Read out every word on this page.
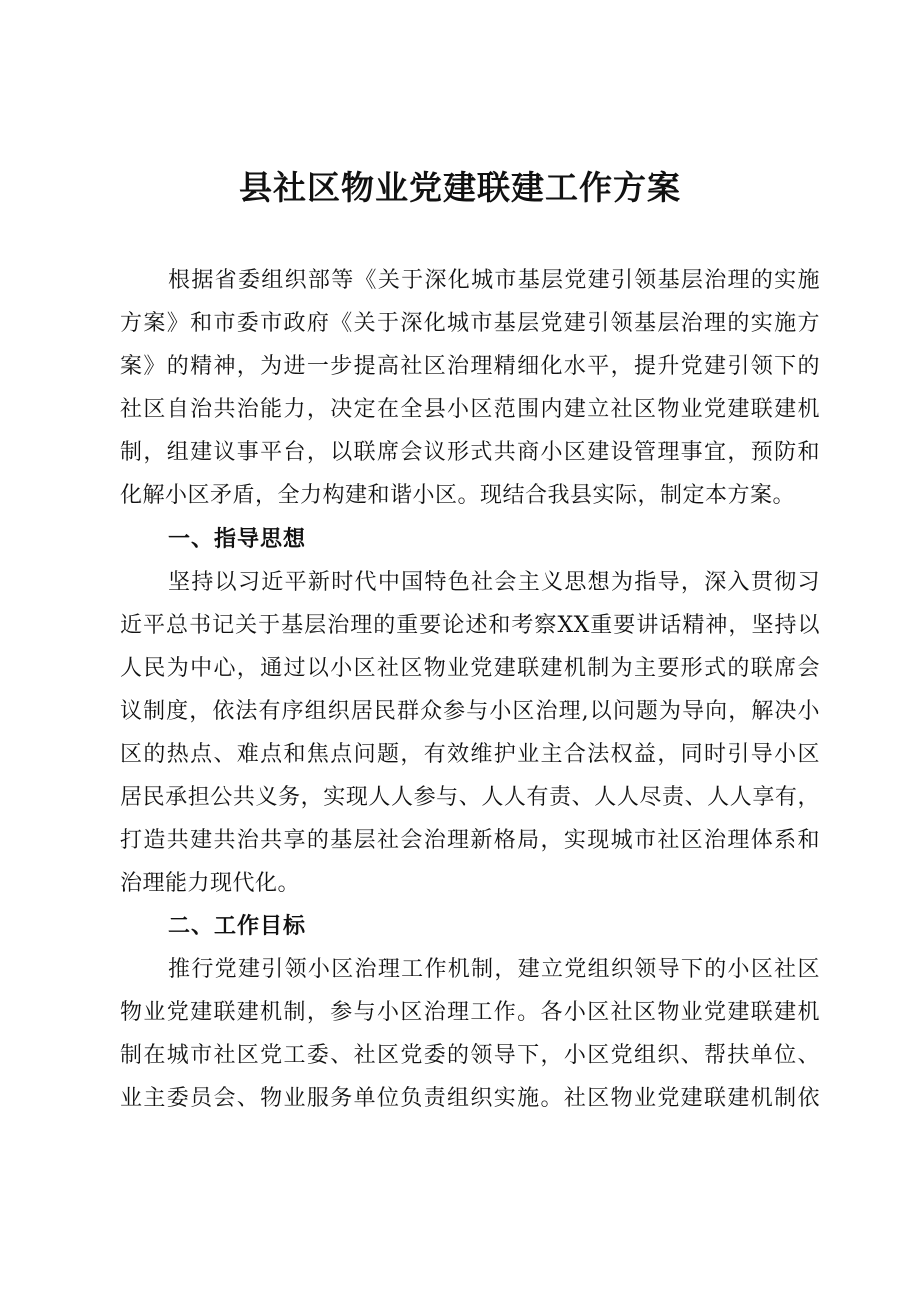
县社区物业党建联建工作方案
根据省委组织部等《关于深化城市基层党建引领基层治理的实施
方案》和市委市政府《关于深化城市基层党建引领基层治理的实施方
案》的精神，为进一步提高社区治理精细化水平，提升党建引领下的
社区自治共治能力，决定在全县小区范围内建立社区物业党建联建机
制，组建议事平台，以联席会议形式共商小区建设管理事宜，预防和
化解小区矛盾，全力构建和谐小区。现结合我县实际，制定本方案。
一、指导思想
坚持以习近平新时代中国特色社会主义思想为指导，深入贯彻习
近平总书记关于基层治理的重要论述和考察XX重要讲话精神，坚持以
人民为中心，通过以小区社区物业党建联建机制为主要形式的联席会
议制度，依法有序组织居民群众参与小区治理,以问题为导向，解决小
区的热点、难点和焦点问题，有效维护业主合法权益，同时引导小区
居民承担公共义务，实现人人参与、人人有责、人人尽责、人人享有，
打造共建共治共享的基层社会治理新格局，实现城市社区治理体系和
治理能力现代化。
二、工作目标
推行党建引领小区治理工作机制，建立党组织领导下的小区社区
物业党建联建机制，参与小区治理工作。各小区社区物业党建联建机
制在城市社区党工委、社区党委的领导下，小区党组织、帮扶单位、
业主委员会、物业服务单位负责组织实施。社区物业党建联建机制依
